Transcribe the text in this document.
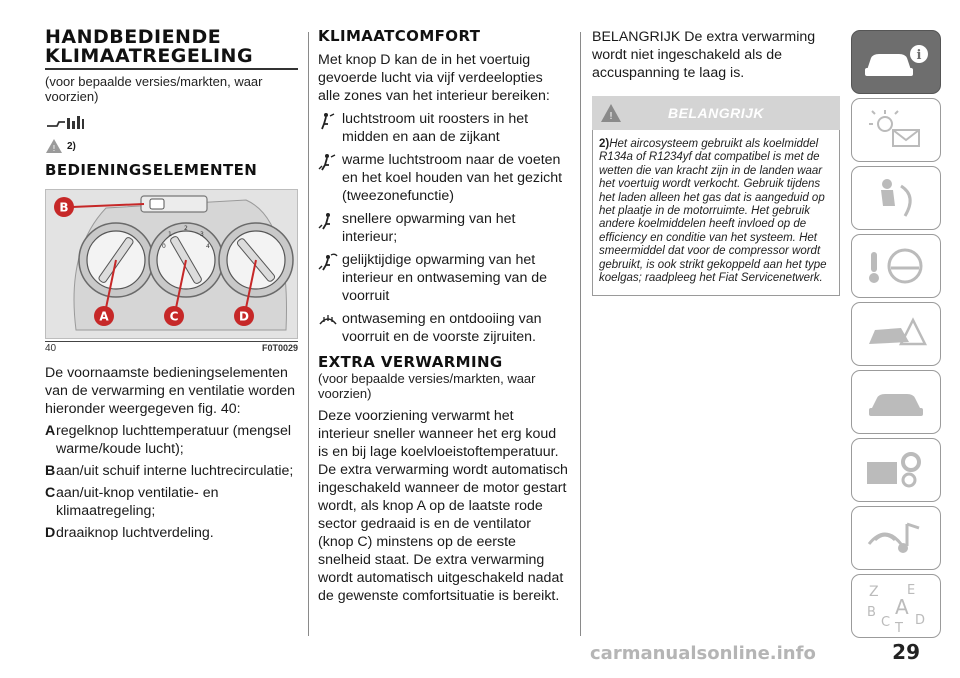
HANDBEDIENDE
KLIMAATREGELING
(voor bepaalde versies/markten, waar voorzien)
! 2)
BEDIENINGSELEMENTEN
0
1
2
3
4
B
A	C	D
40	F0T0029
De voornaamste bedieningselementen van de verwarming en ventilatie worden hieronder weergegeven fig. 40:
A regelknop luchttemperatuur (mengsel warme/koude lucht);
B aan/uit schuif interne luchtrecirculatie;
C aan/uit-knop ventilatie- en klimaatregeling;
D draaiknop luchtverdeling.
KLIMAATCOMFORT
Met knop D kan de in het voertuig gevoerde lucht via vijf verdeelopties alle zones van het interieur bereiken:
luchtstroom uit roosters in het midden en aan de zijkant
warme luchtstroom naar de voeten en het koel houden van het gezicht (tweezonefunctie)
snellere opwarming van het interieur;
gelijktijdige opwarming van het interieur en ontwaseming van de voorruit
ontwaseming en ontdooiing van voorruit en de voorste zijruiten.
EXTRA VERWARMING
(voor bepaalde versies/markten, waar voorzien)
Deze voorziening verwarmt het interieur sneller wanneer het erg koud is en bij lage koelvloeistoftemperatuur. De extra verwarming wordt automatisch ingeschakeld wanneer de motor gestart wordt, als knop A op de laatste rode sector gedraaid is en de ventilator (knop C) minstens op de eerste snelheid staat. De extra verwarming wordt automatisch uitgeschakeld nadat de gewenste comfortsituatie is bereikt.
BELANGRIJK De extra verwarming wordt niet ingeschakeld als de accuspanning te laag is.
!	BELANGRIJK
2)Het aircosysteem gebruikt als koelmiddel R134a of R1234yf dat compatibel is met de wetten die van kracht zijn in de landen waar het voertuig wordt verkocht. Gebruik tijdens het laden alleen het gas dat is aangeduid op het plaatje in de motorruimte. Het gebruik andere koelmiddelen heeft invloed op de efficiency en conditie van het systeem. Het smeermiddel dat voor de compressor wordt gebruikt, is ook strikt gekoppeld aan het type koelgas; raadpleeg het Fiat Servicenetwerk.
i
Z E
B A
C T
D
carmanualsonline.info	29
